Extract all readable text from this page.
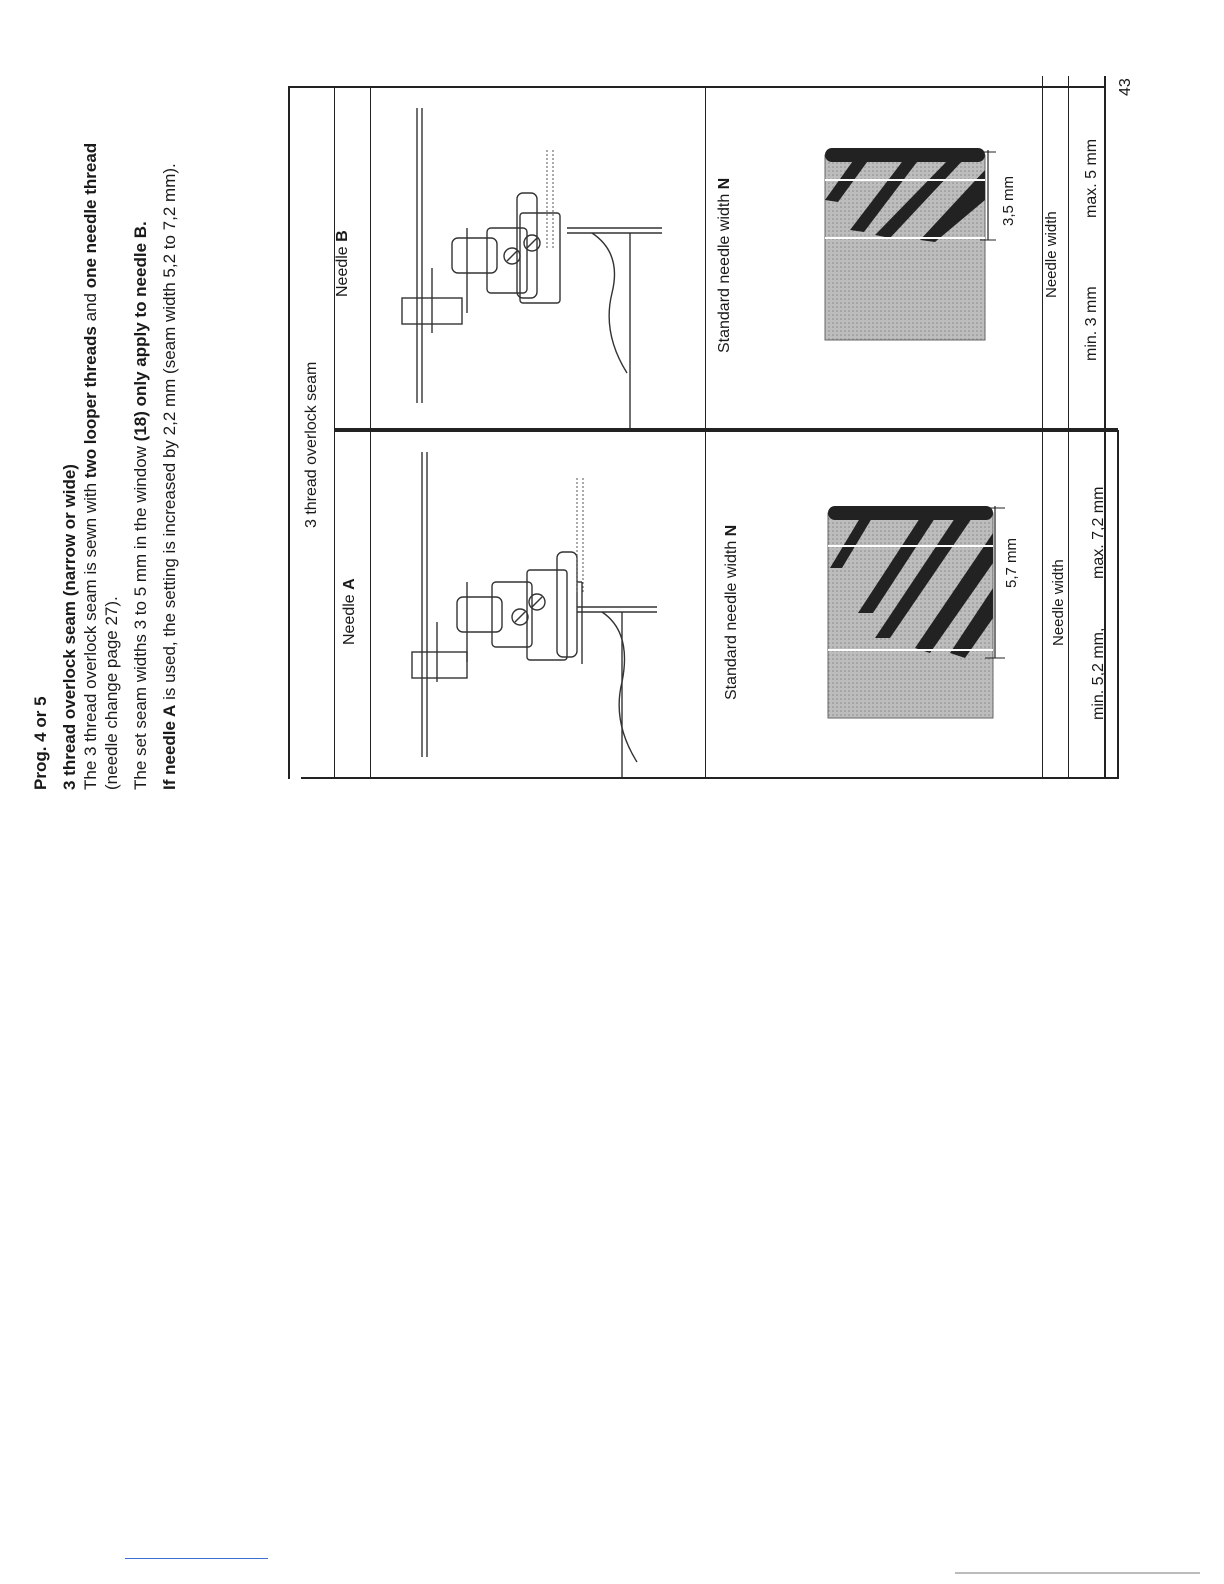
Prog. 4 or 5 3 thread overlock seam (narrow or wide) The 3 thread overlock seam is sewn with two looper threads and one needle thread
(needle change page 27). The set seam widths 3 to 5 mm in the window (18) only apply to needle B.
If needle A is used, the setting is increased by 2,2 mm (seam width 5,2 to 7,2 mm).
43
3 thread overlock seam
Needle A
Needle B
Standard needle width N
Standard needle width N
Needle width
Needle width
min. 5,2 mm,
max. 7,2 mm
min. 3 mm
max. 5 mm
5,7 mm
3,5 mm
